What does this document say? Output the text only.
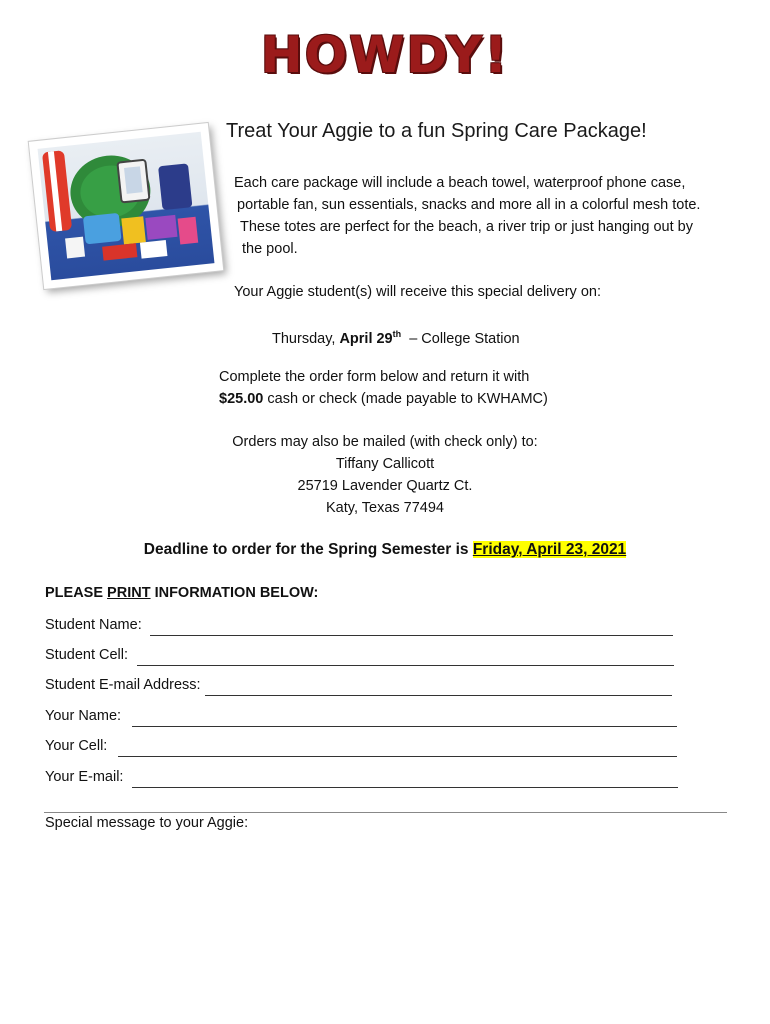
HOWDY!
Treat Your Aggie to a fun Spring Care Package!
Each care package will include a beach towel, waterproof phone case,
portable fan, sun essentials, snacks and more all in a colorful mesh tote.
These totes are perfect for the beach, a river trip or just hanging out by
the pool.
Your Aggie student(s) will receive this special delivery on:
Thursday, April 29th – College Station
Complete the order form below and return it with
$25.00 cash or check (made payable to KWHAMC)
Orders may also be mailed (with check only) to:
Tiffany Callicott
25719 Lavender Quartz Ct.
Katy, Texas 77494
Deadline to order for the Spring Semester is Friday, April 23, 2021
PLEASE PRINT INFORMATION BELOW:
Student Name:
Student Cell:
Student E-mail Address:
Your Name:
Your Cell:
Your E-mail:
Special message to your Aggie:
